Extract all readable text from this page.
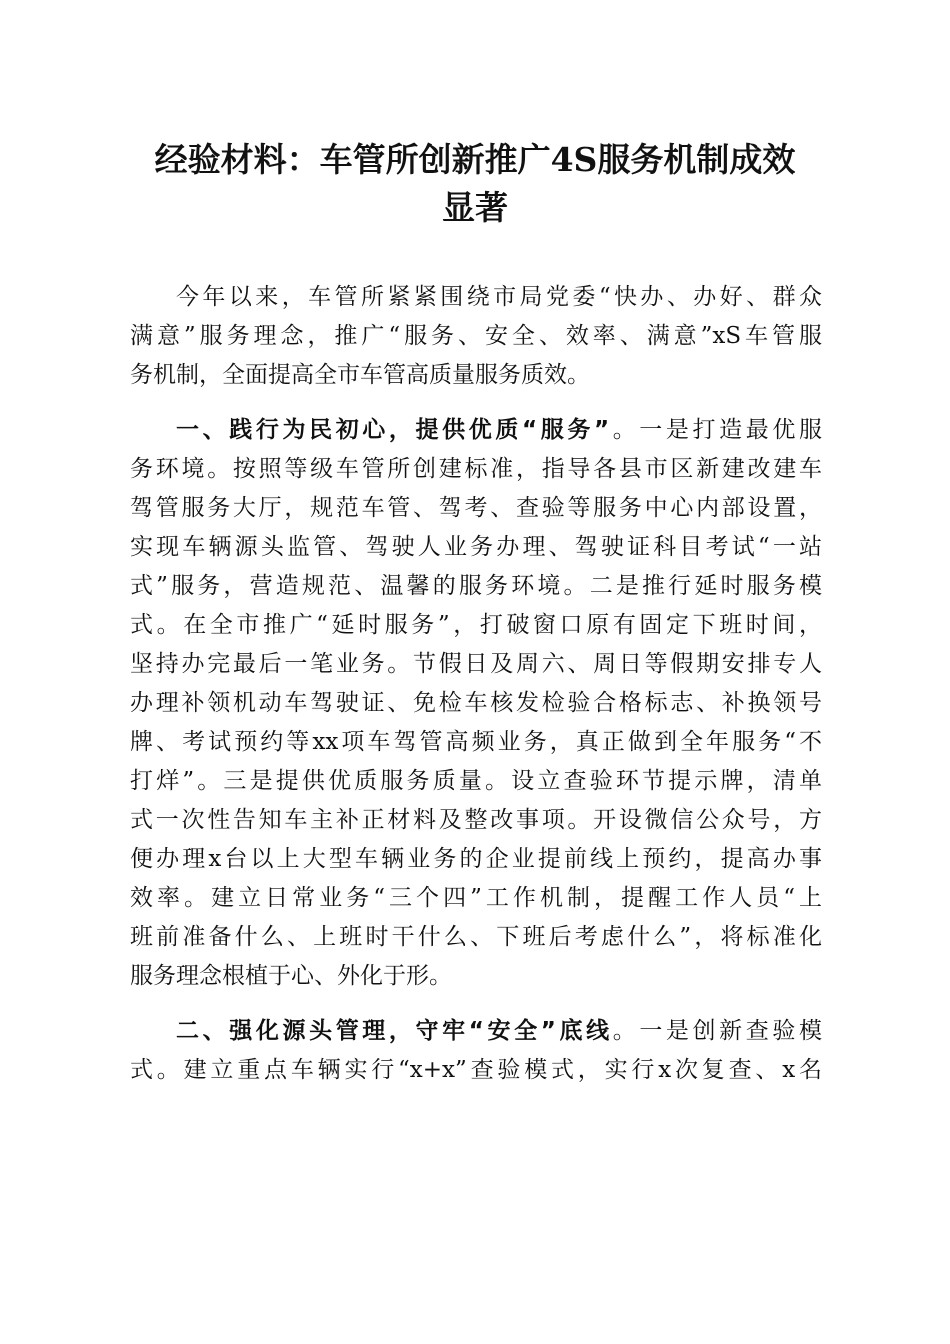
经验材料：车管所创新推广4S服务机制成效
显著
今年以来，车管所紧紧围绕市局党委“快办、办好、群众
满意”服务理念，推广“服务、安全、效率、满意”xS车管服
务机制，全面提高全市车管高质量服务质效。
一、践行为民初心，提供优质“服务”。一是打造最优服
务环境。按照等级车管所创建标准，指导各县市区新建改建车
驾管服务大厅，规范车管、驾考、查验等服务中心内部设置，
实现车辆源头监管、驾驶人业务办理、驾驶证科目考试“一站
式”服务，营造规范、温馨的服务环境。二是推行延时服务模
式。在全市推广“延时服务”，打破窗口原有固定下班时间，
坚持办完最后一笔业务。节假日及周六、周日等假期安排专人
办理补领机动车驾驶证、免检车核发检验合格标志、补换领号
牌、考试预约等xx项车驾管高频业务，真正做到全年服务“不
打烊”。三是提供优质服务质量。设立查验环节提示牌，清单
式一次性告知车主补正材料及整改事项。开设微信公众号，方
便办理x台以上大型车辆业务的企业提前线上预约，提高办事
效率。建立日常业务“三个四”工作机制，提醒工作人员“上
班前准备什么、上班时干什么、下班后考虑什么”，将标准化
服务理念根植于心、外化于形。
二、强化源头管理，守牢“安全”底线。一是创新查验模
式。建立重点车辆实行“x+x”查验模式，实行x次复查、x名
